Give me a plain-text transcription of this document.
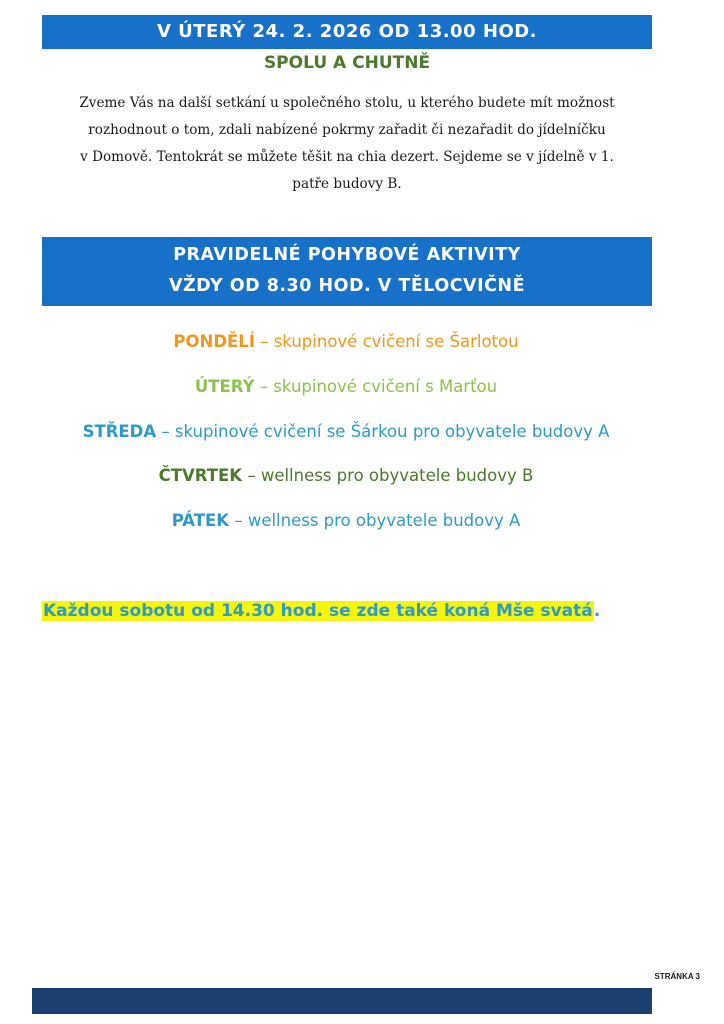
V ÚTERÝ 24. 2. 2026 OD 13.00 HOD.
SPOLU A CHUTNĚ
Zveme Vás na další setkání u společného stolu, u kterého budete mít možnost
rozhodnout o tom, zdali nabízené pokrmy zařadit či nezařadit do jídelníčku
v Domově. Tentokrát se můžete těšit na chia dezert. Sejdeme se v jídelně v 1.
patře budovy B.
PRAVIDELNÉ POHYBOVÉ AKTIVITY
VŽDY OD 8.30 HOD. V TĚLOCVIČNĚ
PONDĚLÍ – skupinové cvičení se Šarlotou
ÚTERÝ – skupinové cvičení s Marťou
STŘEDA – skupinové cvičení se Šárkou pro obyvatele budovy A
ČTVRTEK – wellness pro obyvatele budovy B
PÁTEK – wellness pro obyvatele budovy A
Každou sobotu od 14.30 hod. se zde také koná Mše svatá.
STRÁNKA 3
